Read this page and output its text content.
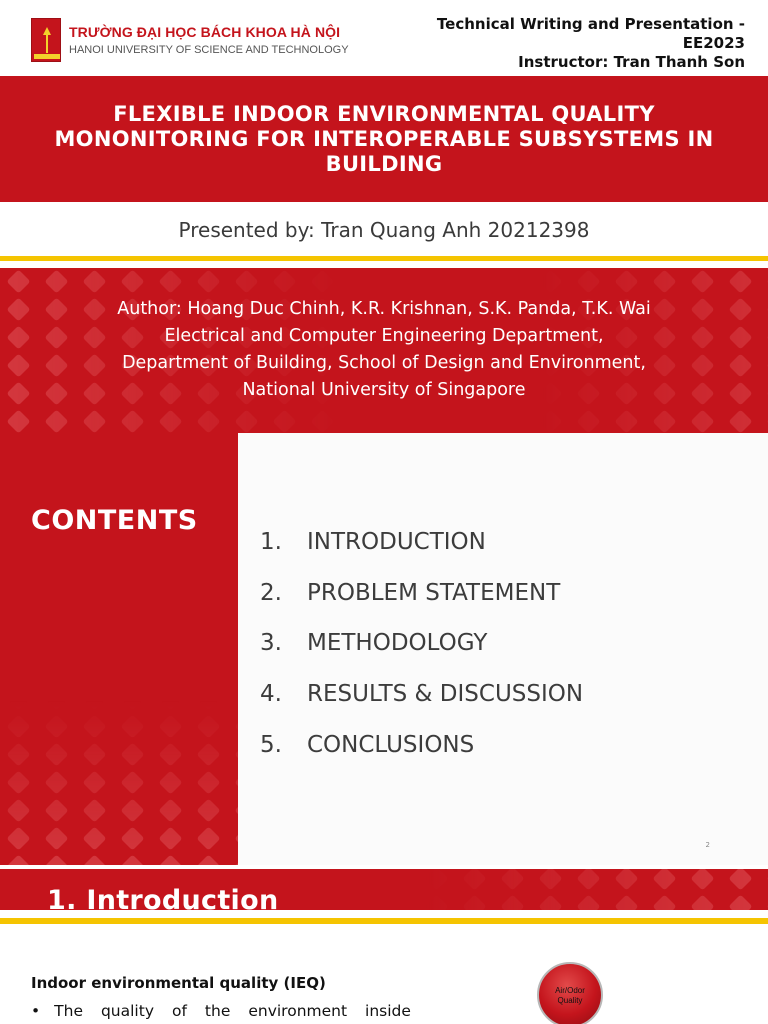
TRƯỜNG ĐẠI HỌC BÁCH KHOA HÀ NỘI
HANOI UNIVERSITY OF SCIENCE AND TECHNOLOGY
Technical Writing and Presentation -
EE2023
Instructor: Tran Thanh Son
FLEXIBLE INDOOR ENVIRONMENTAL QUALITY
MONONITORING FOR INTEROPERABLE SUBSYSTEMS IN
BUILDING
Presented by: Tran Quang Anh 20212398
Author: Hoang Duc Chinh, K.R. Krishnan, S.K. Panda, T.K. Wai
Electrical and Computer Engineering Department,
Department of Building, School of Design and Environment,
National University of Singapore
CONTENTS
1.	INTRODUCTION
2.	PROBLEM STATEMENT
3.	METHODOLOGY
4.	RESULTS & DISCUSSION
5.	CONCLUSIONS
2
1. Introduction
Indoor environmental quality (IEQ)
• The quality of the environment inside
Air/Odor
Quality
